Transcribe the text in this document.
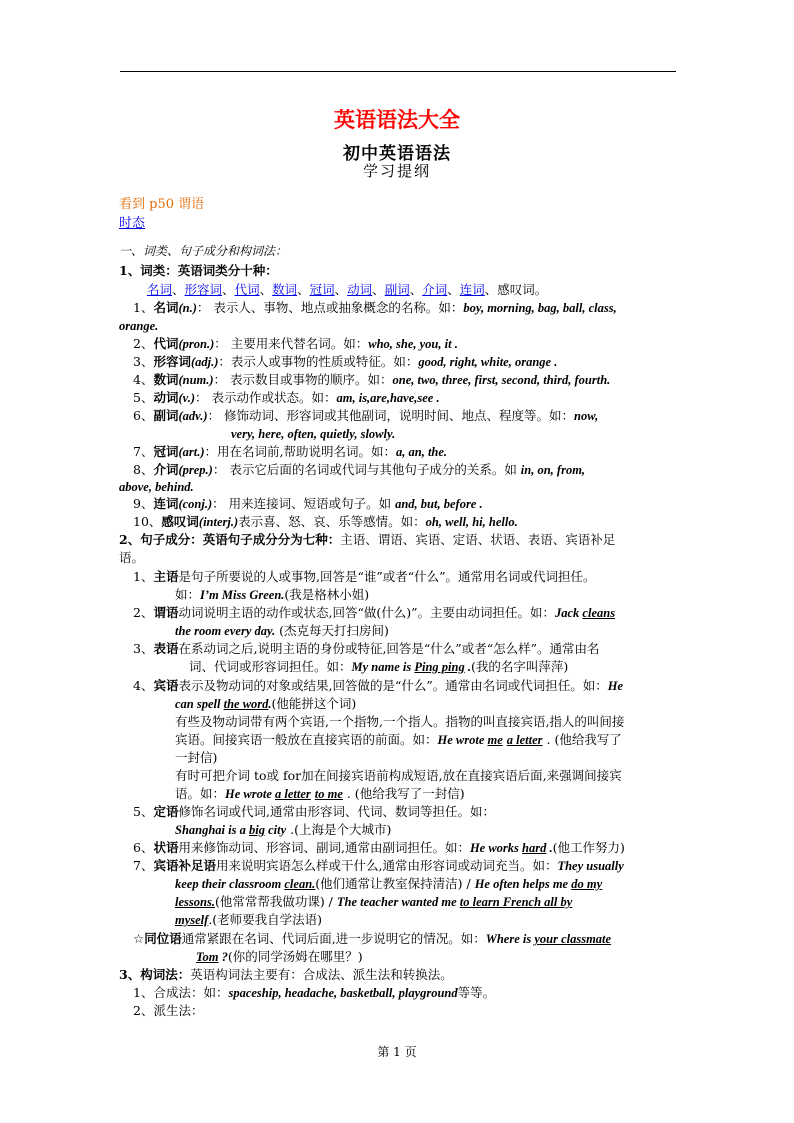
英语语法大全
初中英语语法
学习提纲
看到 p50 谓语
时态
一、词类、句子成分和构词法：
1、词类：英语词类分十种：
名词、形容词、代词、数词、冠词、动词、副词、介词、连词、感叹词。
1、名词(n.)： 表示人、事物、地点或抽象概念的名称。如：boy, morning, bag, ball, class,
orange.
2、代词(pron.)： 主要用来代替名词。如：who, she, you, it .
3、形容词(adj.)：表示人或事物的性质或特征。如：good, right, white, orange .
4、数词(num.)： 表示数目或事物的顺序。如：one, two, three, first, second, third, fourth.
5、动词(v.)： 表示动作或状态。如：am, is,are,have,see .
6、副词(adv.)： 修饰动词、形容词或其他副词，说明时间、地点、程度等。如：now,
very, here, often, quietly, slowly.
7、冠词(art.)：用在名词前,帮助说明名词。如：a, an, the.
8、介词(prep.)： 表示它后面的名词或代词与其他句子成分的关系。如 in, on, from,
above, behind.
9、连词(conj.)： 用来连接词、短语或句子。如 and, but, before .
10、感叹词(interj.)表示喜、怒、哀、乐等感情。如：oh, well, hi, hello.
2、句子成分：英语句子成分分为七种：主语、谓语、宾语、定语、状语、表语、宾语补足
语。
1、主语是句子所要说的人或事物,回答是“谁”或者“什么”。通常用名词或代词担任。
如：I’m Miss Green.(我是格林小姐)
2、谓语动词说明主语的动作或状态,回答“做(什么)”。主要由动词担任。如：Jack cleans
the room every day. (杰克每天打扫房间)
3、表语在系动词之后,说明主语的身份或特征,回答是“什么”或者“怎么样”。通常由名
词、代词或形容词担任。如：My name is Ping ping .(我的名字叫萍萍)
4、宾语表示及物动词的对象或结果,回答做的是“什么”。通常由名词或代词担任。如：He
can spell the word.(他能拼这个词)
有些及物动词带有两个宾语,一个指物,一个指人。指物的叫直接宾语,指人的叫间接
宾语。间接宾语一般放在直接宾语的前面。如：He wrote me a letter . (他给我写了
一封信)
有时可把介词 to或 for加在间接宾语前构成短语,放在直接宾语后面,来强调间接宾
语。如：He wrote a letter to me . (他给我写了一封信)
5、定语修饰名词或代词,通常由形容词、代词、数词等担任。如：
Shanghai is a big city .(上海是个大城市)
6、状语用来修饰动词、形容词、副词,通常由副词担任。如：He works hard .(他工作努力)
7、宾语补足语用来说明宾语怎么样或干什么,通常由形容词或动词充当。如：They usually
keep their classroom clean.(他们通常让教室保持清洁) / He often helps me do my
lessons.(他常常帮我做功课) / The teacher wanted me to learn French all by
myself.(老师要我自学法语)
☆同位语通常紧跟在名词、代词后面,进一步说明它的情况。如：Where is your classmate
Tom ?(你的同学汤姆在哪里？)
3、构词法：英语构词法主要有：合成法、派生法和转换法。
1、合成法：如：spaceship, headache, basketball, playground等等。
2、派生法：
第 1 页
